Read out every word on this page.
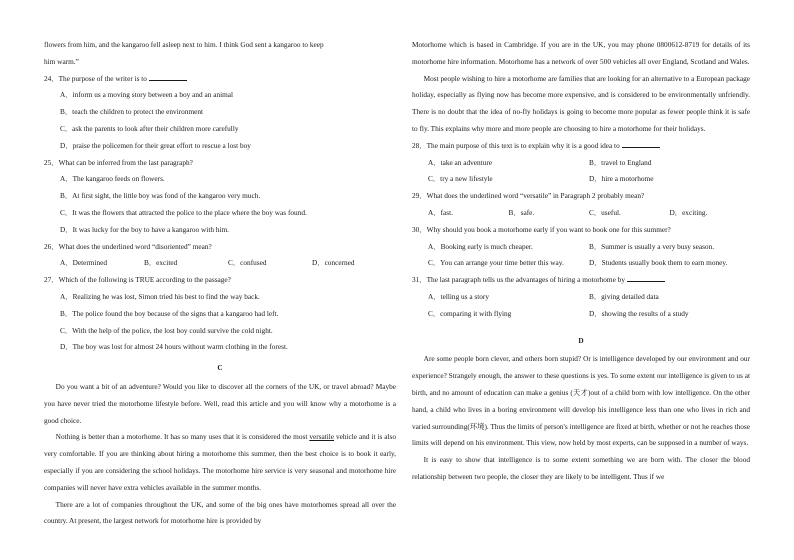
flowers from him, and the kangaroo fell asleep next to him. I think God sent a kangaroo to keep

him warm.”

24．The purpose of the writer is to

A．inform us a moving story between a boy and an animal

B．teach the children to protect the environment

C．ask the parents to look after their children more carefully

D．praise the policemen for their great effort to rescue a lost boy

25．What can be inferred from the last paragraph?

A．The kangaroo feeds on flowers.

B．At first sight, the little boy was fond of the kangaroo very much.

C．It was the flowers that attracted the police to the place where the boy was found.

D．It was lucky for the boy to have a kangaroo with him.

26．What does the underlined word “disoriented” mean?

A．Determined	B．excited	C．confused	D．concerned

27．Which of the following is TRUE according to the passage?

A．Realizing he was lost, Simon tried his best to find the way back.

B．The police found the boy because of the signs that a kangaroo had left.

C．With the help of the police, the lost boy could survive the cold night.

D．The boy was lost for almost 24 hours without warm clothing in the forest.

C

Do you want a bit of an adventure? Would you like to discover all the corners of the UK, or travel abroad? Maybe you have never tried the motorhome lifestyle before. Well, read this article and you will know why a motorhome is a good choice.

Nothing is better than a motorhome. It has so many uses that it is considered the most versatile vehicle and it is also very comfortable. If you are thinking about hiring a motorhome this summer, then the best choice is to book it early, especially if you are considering the school holidays. The motorhome hire service is very seasonal and motorhome hire companies will never have extra vehicles available in the summer months.

There are a lot of companies throughout the UK, and some of the big ones have motorhomes spread all over the country. At present, the largest network for motorhome hire is provided by

Motorhome which is based in Cambridge. If you are in the UK, you may phone 0800612-8719 for details of its motorhome hire information. Motorhome has a network of over 500 vehicles all over England, Scotland and Wales.

Most people wishing to hire a motorhome are families that are looking for an alternative to a European package holiday, especially as flying now has become more expensive, and is considered to be environmentally unfriendly. There is no doubt that the idea of no-fly holidays is going to become more popular as fewer people think it is safe to fly. This explains why more and more people are choosing to hire a motorhome for their holidays.

28．The main purpose of this text is to explain why it is a good idea to

A．take an adventure	B．travel to England
C．try a new lifestyle	D．hire a motorhome

29．What does the underlined word “versatile” in Paragraph 2 probably mean?

A．fast.	B．safe.	C．useful.	D．exciting.

30．Why should you book a motorhome early if you want to book one for this summer?

A．Booking early is much cheaper.	B．Summer is usually a very busy season.
C．You can arrange your time better this way.	D．Students usually book them to earn money.

31．The last paragraph tells us the advantages of hiring a motorhome by

A．telling us a story	B．giving detailed data
C．comparing it with flying	D．showing the results of a study

D

Are some people born clever, and others born stupid? Or is intelligence developed by our environment and our experience? Strangely enough, the answer to these questions is yes. To some extent our intelligence is given to us at birth, and no amount of education can make a genius (天才)out of a child born with low intelligence. On the other hand, a child who lives in a boring environment will develop his intelligence less than one who lives in rich and varied surrounding(环境). Thus the limits of person's intelligence are fixed at birth, whether or not he reaches those limits will depend on his environment. This view, now held by most experts, can be supposed in a number of ways.

It is easy to show that intelligence is to some extent something we are born with. The closer the blood relationship between two people, the closer they are likely to be intelligent. Thus if we
